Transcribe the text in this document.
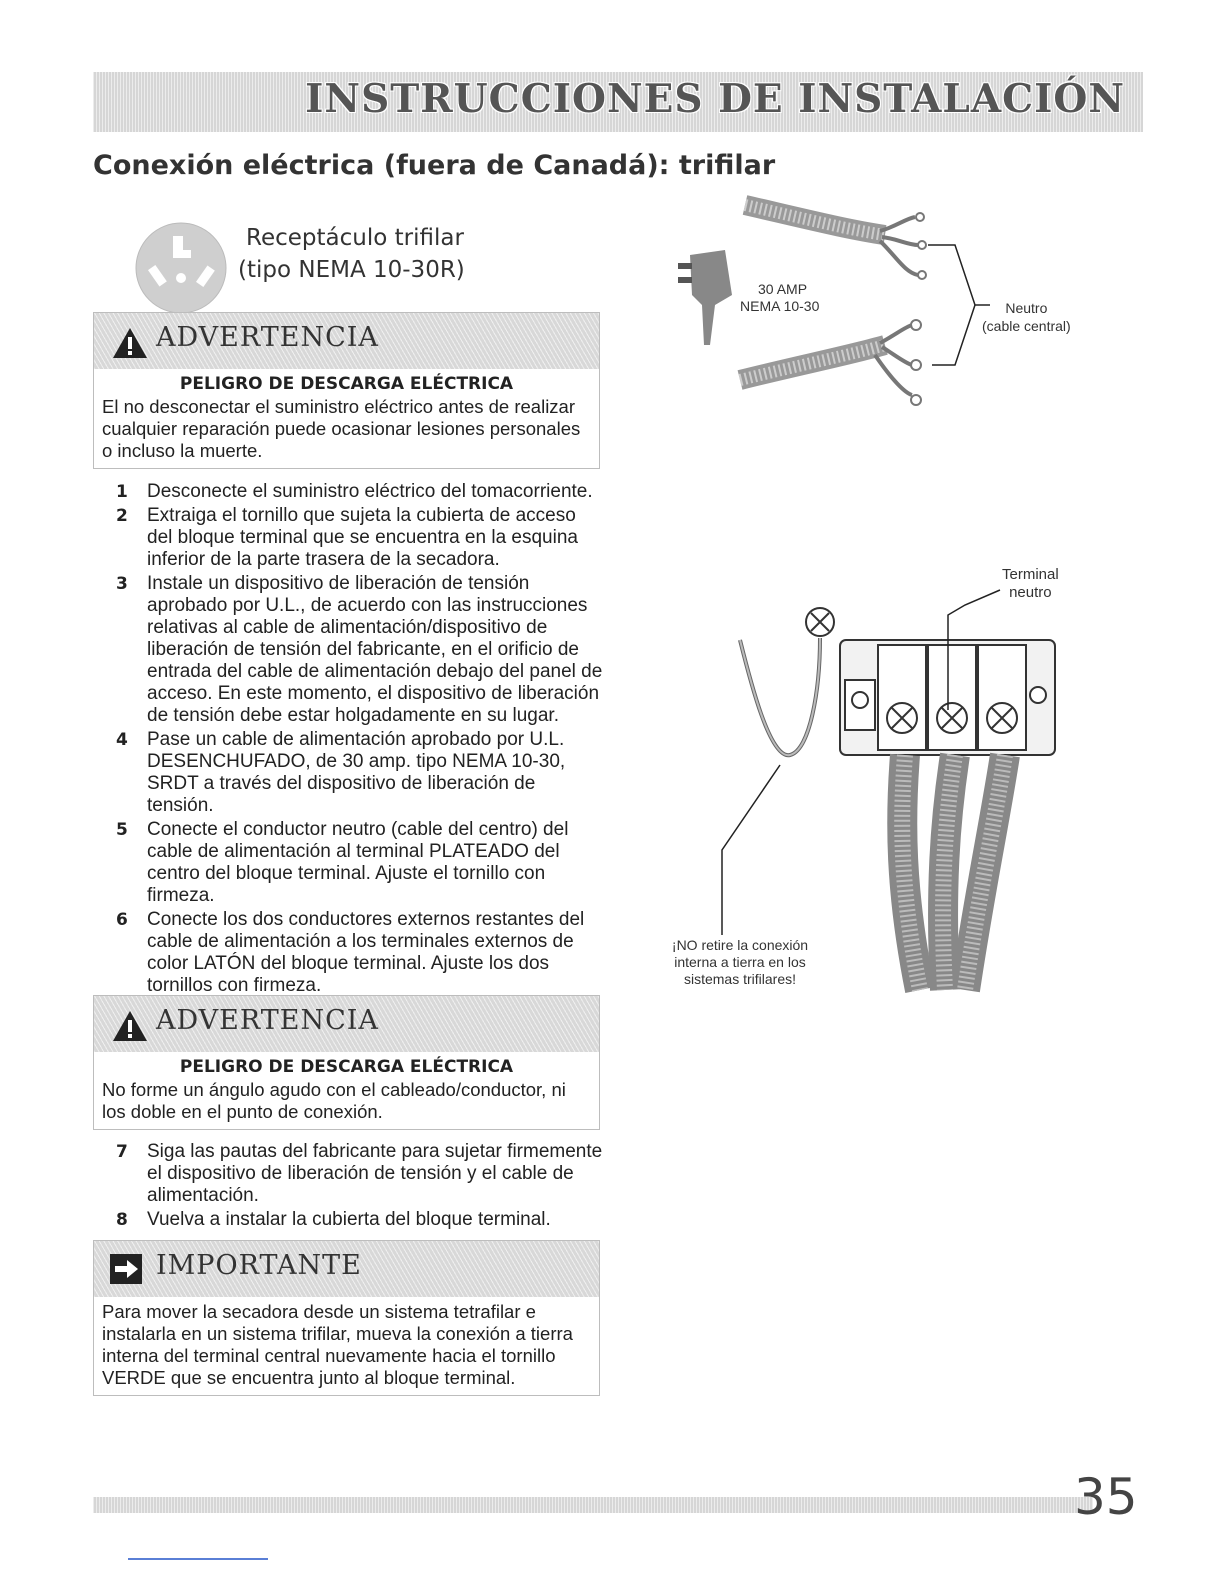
INSTRUCCIONES DE INSTALACIÓN
Conexión eléctrica (fuera de Canadá): trifilar
Receptáculo trifilar
(tipo NEMA 10-30R)
ADVERTENCIA
PELIGRO DE DESCARGA ELÉCTRICA
El no desconectar el suministro eléctrico antes de realizar cualquier reparación puede ocasionar lesiones personales o incluso la muerte.
1 Desconecte el suministro eléctrico del tomacorriente.
2 Extraiga el tornillo que sujeta la cubierta de acceso del bloque terminal que se encuentra en la esquina inferior de la parte trasera de la secadora.
3 Instale un dispositivo de liberación de tensión aprobado por U.L., de acuerdo con las instrucciones relativas al cable de alimentación/dispositivo de liberación de tensión del fabricante, en el orificio de entrada del cable de alimentación debajo del panel de acceso. En este momento, el dispositivo de liberación de tensión debe estar holgadamente en su lugar.
4 Pase un cable de alimentación aprobado por U.L. DESENCHUFADO, de 30 amp. tipo NEMA 10-30, SRDT a través del dispositivo de liberación de tensión.
5 Conecte el conductor neutro (cable del centro) del cable de alimentación al terminal PLATEADO del centro del bloque terminal. Ajuste el tornillo con firmeza.
6 Conecte los dos conductores externos restantes del cable de alimentación a los terminales externos de color LATÓN del bloque terminal. Ajuste los dos tornillos con firmeza.
ADVERTENCIA
PELIGRO DE DESCARGA ELÉCTRICA
No forme un ángulo agudo con el cableado/conductor, ni los doble en el punto de conexión.
7 Siga las pautas del fabricante para sujetar firmemente el dispositivo de liberación de tensión y el cable de alimentación.
8 Vuelva a instalar la cubierta del bloque terminal.
IMPORTANTE
Para mover la secadora desde un sistema tetrafilar e instalarla en un sistema trifilar, mueva la conexión a tierra interna del terminal central nuevamente hacia el tornillo VERDE que se encuentra junto al bloque terminal.
30 AMP
NEMA 10-30	Neutro
(cable central)
Terminal
neutro
¡NO retire la conexión
interna a tierra en los
sistemas trifilares!
35
